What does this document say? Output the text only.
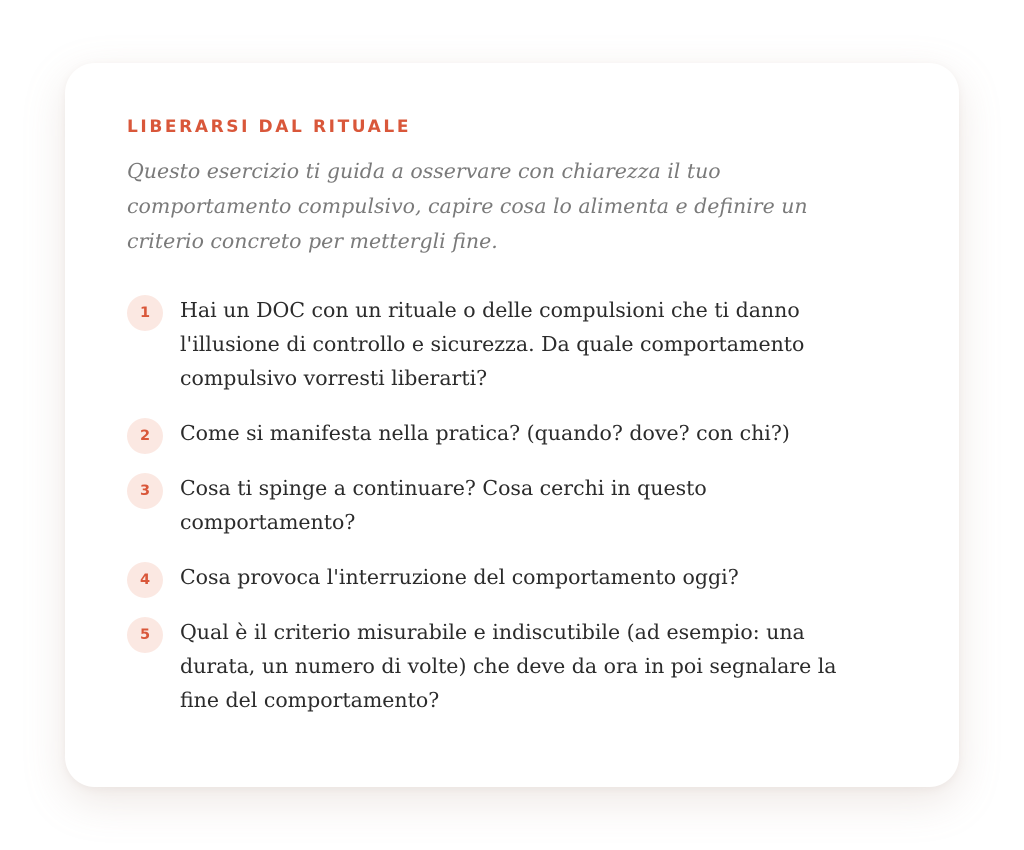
LIBERARSI DAL RITUALE

Questo esercizio ti guida a osservare con chiarezza il tuo comportamento compulsivo, capire cosa lo alimenta e definire un criterio concreto per mettergli fine.

1	Hai un DOC con un rituale o delle compulsioni che ti danno l'illusione di controllo e sicurezza. Da quale comportamento compulsivo vorresti liberarti?
2	Come si manifesta nella pratica? (quando? dove? con chi?)
3	Cosa ti spinge a continuare? Cosa cerchi in questo comportamento?
4	Cosa provoca l'interruzione del comportamento oggi?
5	Qual è il criterio misurabile e indiscutibile (ad esempio: una durata, un numero di volte) che deve da ora in poi segnalare la fine del comportamento?
